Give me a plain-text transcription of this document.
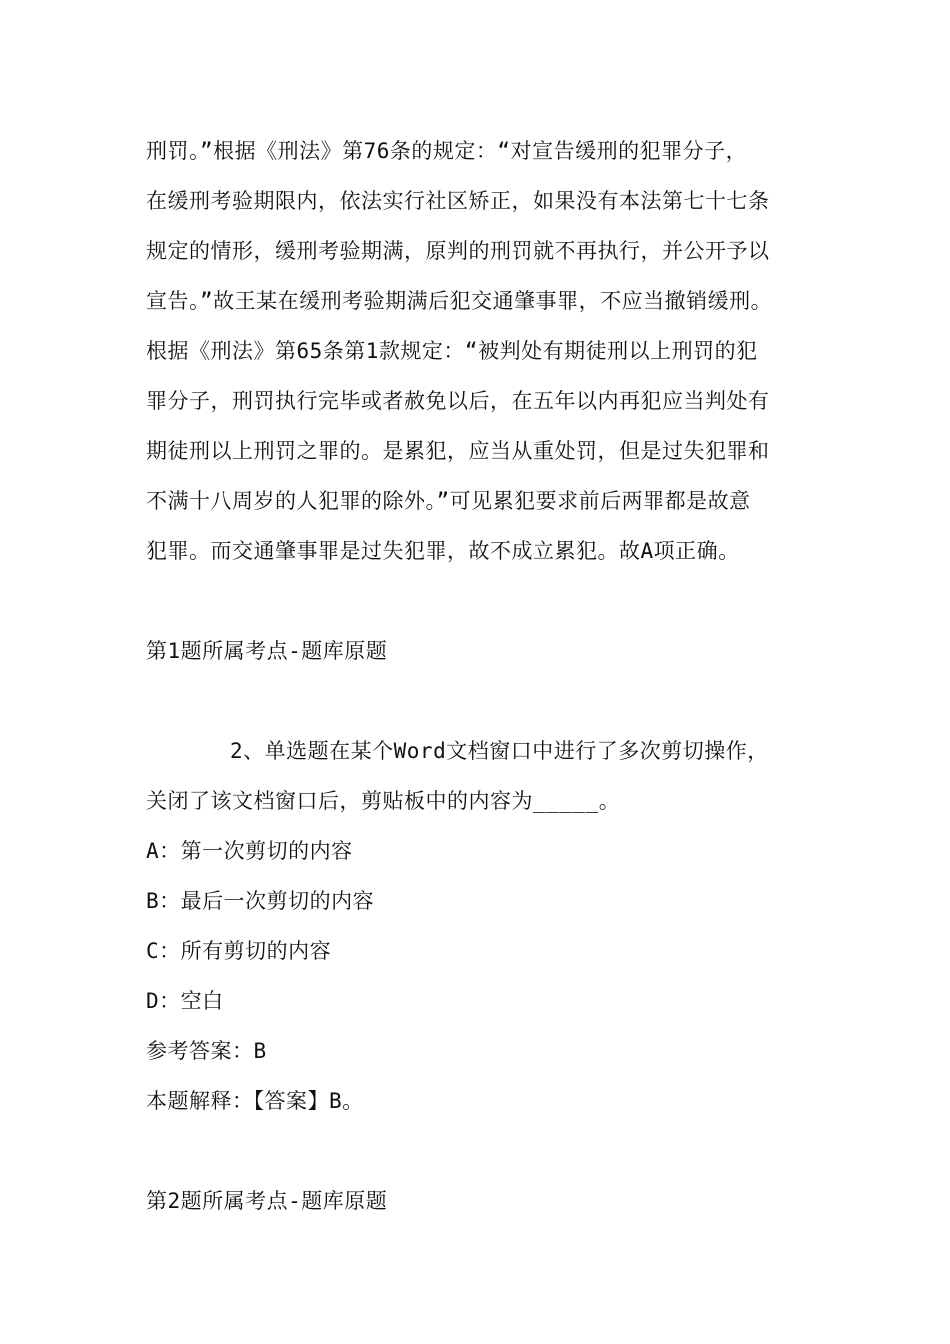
刑罚。”根据《刑法》第76条的规定：“对宣告缓刑的犯罪分子，
在缓刑考验期限内，依法实行社区矫正，如果没有本法第七十七条
规定的情形，缓刑考验期满，原判的刑罚就不再执行，并公开予以
宣告。”故王某在缓刑考验期满后犯交通肇事罪，不应当撤销缓刑。
根据《刑法》第65条第1款规定：“被判处有期徒刑以上刑罚的犯
罪分子，刑罚执行完毕或者赦免以后，在五年以内再犯应当判处有
期徒刑以上刑罚之罪的。是累犯，应当从重处罚，但是过失犯罪和
不满十八周岁的人犯罪的除外。”可见累犯要求前后两罪都是故意
犯罪。而交通肇事罪是过失犯罪，故不成立累犯。故A项正确。
第1题所属考点-题库原题
2、单选题在某个Word文档窗口中进行了多次剪切操作，
关闭了该文档窗口后，剪贴板中的内容为_____。
A：第一次剪切的内容
B：最后一次剪切的内容
C：所有剪切的内容
D：空白
参考答案：B
本题解释：【答案】B。
第2题所属考点-题库原题
